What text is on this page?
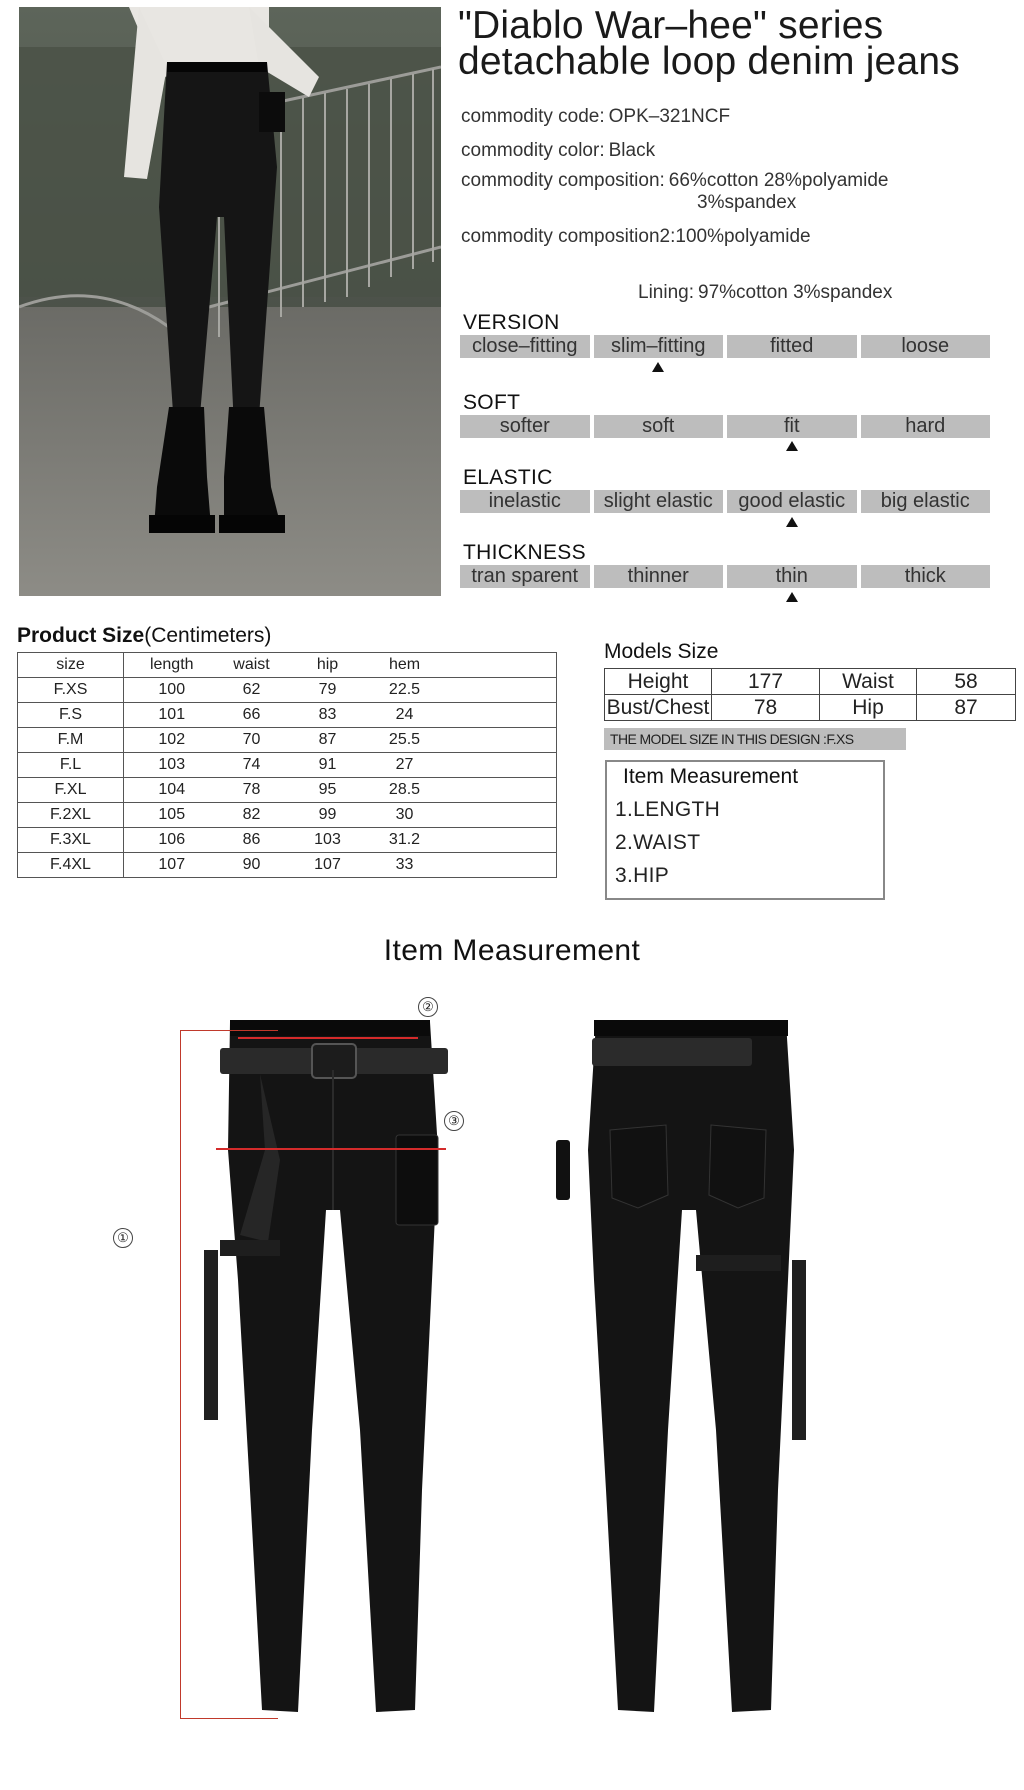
"Diablo War–hee" series
detachable loop denim jeans
commodity code: OPK–321NCF
commodity color: Black
commodity composition: 66%cotton 28%polyamide
3%spandex
commodity composition2:100%polyamide
Lining: 97%cotton 3%spandex
VERSION
close–fitting	slim–fitting	fitted	loose
SOFT
softer	soft	fit	hard
ELASTIC
inelastic	slight elastic	good elastic	big elastic
THICKNESS
tran sparent	thinner	thin	thick
Product Size(Centimeters)
size	length	waist	hip	hem	
F.XS	100	62	79	22.5	
F.S	101	66	83	24	
F.M	102	70	87	25.5	
F.L	103	74	91	27	
F.XL	104	78	95	28.5	
F.2XL	105	82	99	30	
F.3XL	106	86	103	31.2	
F.4XL	107	90	107	33	
Models Size
Height	177	Waist	58
Bust/Chest	78	Hip	87
THE MODEL SIZE IN THIS DESIGN :F.XS
Item Measurement
1.LENGTH
2.WAIST
3.HIP
Item Measurement
①
②
③
